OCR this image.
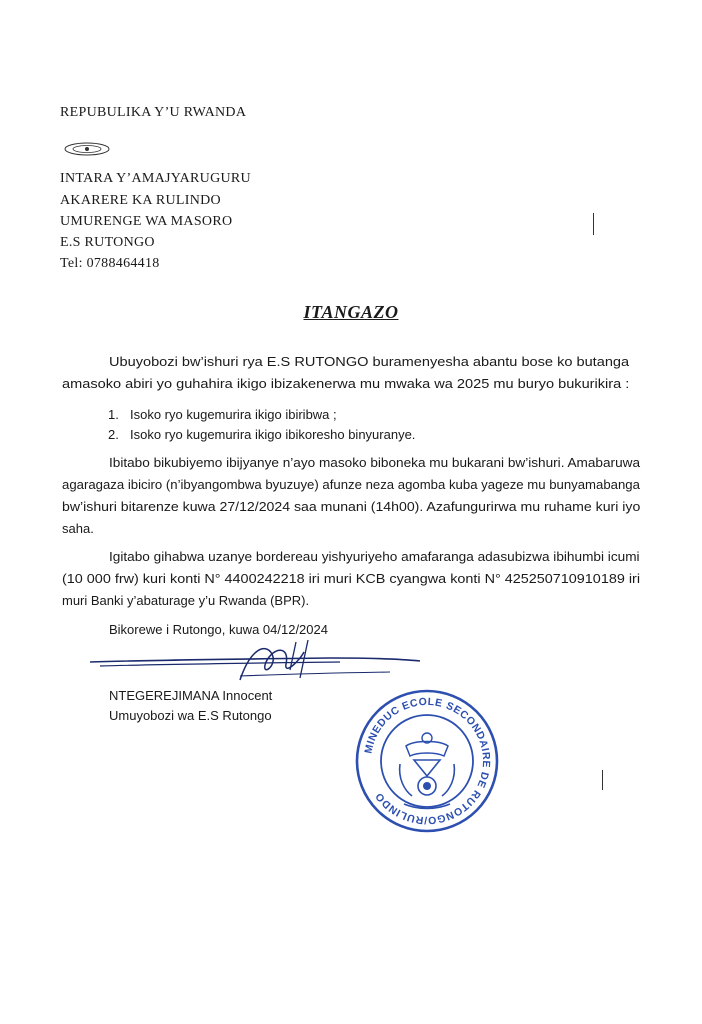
REPUBULIKA Y’U RWANDA
INTARA Y’AMAJYARUGURU
AKARERE KA RULINDO
UMURENGE WA MASORO
E.S RUTONGO
Tel: 0788464418
ITANGAZO
Ubuyobozi bw’ishuri rya E.S RUTONGO buramenyesha abantu bose ko butanga
amasoko abiri yo guhahira ikigo ibizakenerwa mu mwaka wa 2025 mu buryo bukurikira :
1. Isoko ryo kugemurira ikigo ibiribwa ;
2. Isoko ryo kugemurira ikigo ibikoresho binyuranye.
Ibitabo bikubiyemo ibijyanye n’ayo masoko biboneka mu bukarani bw’ishuri. Amabaruwa
agaragaza ibiciro (n’ibyangombwa byuzuye) afunze neza agomba kuba yageze mu bunyamabanga
bw’ishuri bitarenze kuwa 27/12/2024 saa munani (14h00). Azafungurirwa mu ruhame kuri iyo
saha.
Igitabo gihabwa uzanye bordereau yishyuriyeho amafaranga adasubizwa ibihumbi icumi
(10 000 frw) kuri konti N° 4400242218 iri muri KCB cyangwa konti N° 425250710910189 iri
muri Banki y’abaturage y’u Rwanda (BPR).
Bikorewe i Rutongo, kuwa 04/12/2024
NTEGEREJIMANA Innocent
Umuyobozi wa E.S Rutongo
MINEDUC ECOLE SECONDAIRE DE RUTONGO/RULINDO
